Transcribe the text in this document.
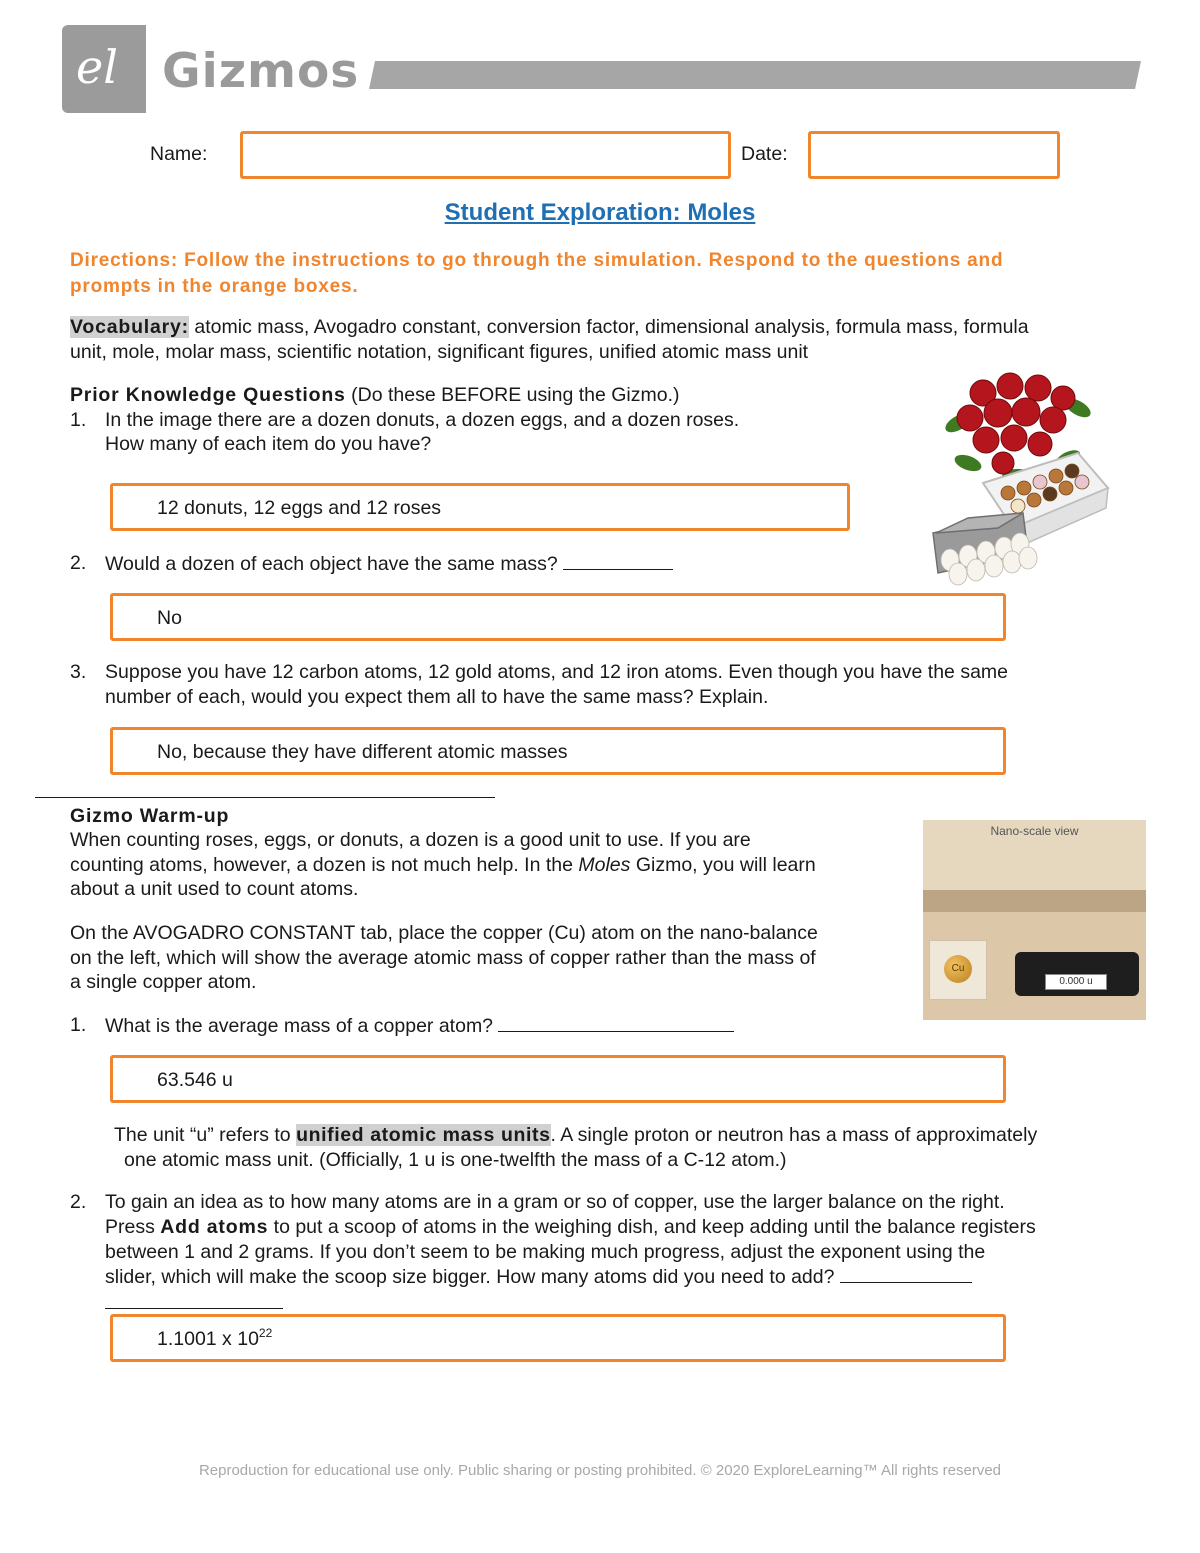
el Gizmos
Name:	Date:
Student Exploration: Moles
Directions: Follow the instructions to go through the simulation. Respond to the questions and prompts in the orange boxes.
Vocabulary: atomic mass, Avogadro constant, conversion factor, dimensional analysis, formula mass, formula
unit, mole, molar mass, scientific notation, significant figures, unified atomic mass unit
Prior Knowledge Questions (Do these BEFORE using the Gizmo.)
1. In the image there are a dozen donuts, a dozen eggs, and a dozen roses.
How many of each item do you have?
12 donuts, 12 eggs and 12 roses
2. Would a dozen of each object have the same mass?
No
3. Suppose you have 12 carbon atoms, 12 gold atoms, and 12 iron atoms. Even though you have the same
number of each, would you expect them all to have the same mass? Explain.
No, because they have different atomic masses
Gizmo Warm-up
When counting roses, eggs, or donuts, a dozen is a good unit to use. If you are
counting atoms, however, a dozen is not much help. In the Moles Gizmo, you will learn
about a unit used to count atoms.
On the AVOGADRO CONSTANT tab, place the copper (Cu) atom on the nano-balance
on the left, which will show the average atomic mass of copper rather than the mass of
a single copper atom.
Nano-scale view
Cu
0.000 u
1. What is the average mass of a copper atom?
63.546 u
The unit “u” refers to unified atomic mass units. A single proton or neutron has a mass of approximately
one atomic mass unit. (Officially, 1 u is one-twelfth the mass of a C-12 atom.)
2. To gain an idea as to how many atoms are in a gram or so of copper, use the larger balance on the right.
Press Add atoms to put a scoop of atoms in the weighing dish, and keep adding until the balance registers
between 1 and 2 grams. If you don’t seem to be making much progress, adjust the exponent using the
slider, which will make the scoop size bigger. How many atoms did you need to add?
1.1001 x $10^{22}$
Reproduction for educational use only. Public sharing or posting prohibited. © 2020 ExploreLearning™ All rights reserved
